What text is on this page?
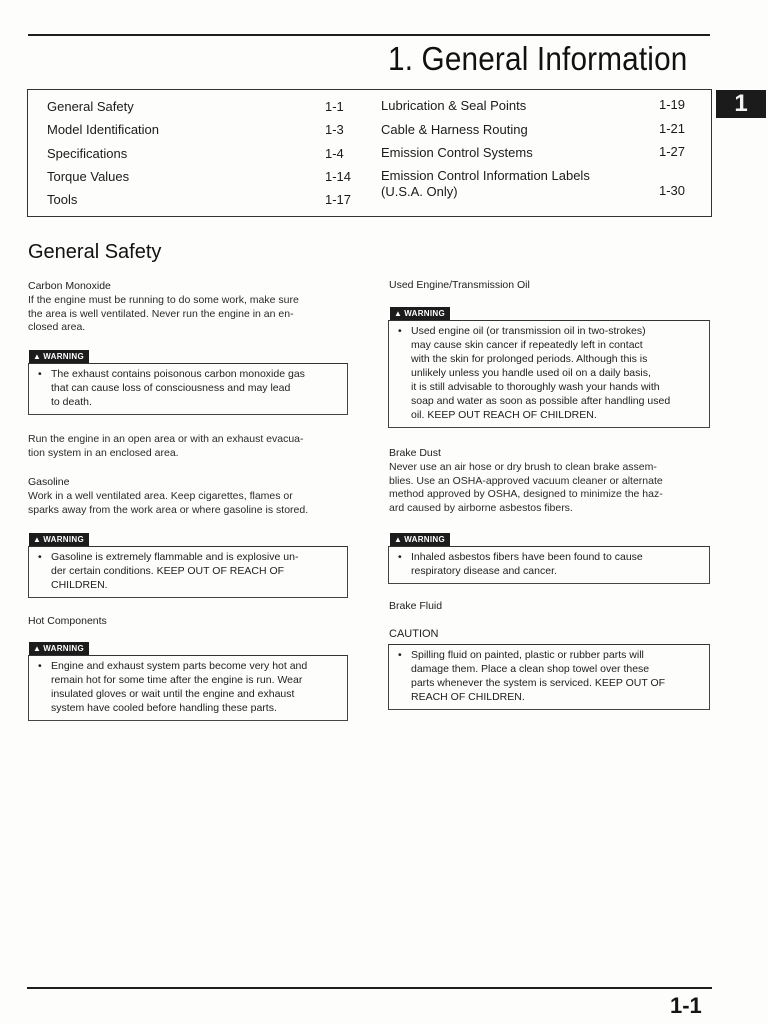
1. General Information
1
General Safety	1-1
Model Identification	1-3
Specifications	1-4
Torque Values	1-14
Tools	1-17
Lubrication & Seal Points	1-19
Cable & Harness Routing	1-21
Emission Control Systems	1-27
Emission Control Information Labels
(U.S.A. Only)	1-30
General Safety
Carbon Monoxide
If the engine must be running to do some work, make sure
the area is well ventilated. Never run the engine in an en-
closed area.
▲ WARNING
• The exhaust contains poisonous carbon monoxide gas
that can cause loss of consciousness and may lead
to death.
Run the engine in an open area or with an exhaust evacua-
tion system in an enclosed area.
Gasoline
Work in a well ventilated area. Keep cigarettes, flames or
sparks away from the work area or where gasoline is stored.
▲ WARNING
• Gasoline is extremely flammable and is explosive un-
der certain conditions. KEEP OUT OF REACH OF
CHILDREN.
Hot Components
▲ WARNING
• Engine and exhaust system parts become very hot and
remain hot for some time after the engine is run. Wear
insulated gloves or wait until the engine and exhaust
system have cooled before handling these parts.
Used Engine/Transmission Oil
▲ WARNING
• Used engine oil (or transmission oil in two-strokes)
may cause skin cancer if repeatedly left in contact
with the skin for prolonged periods. Although this is
unlikely unless you handle used oil on a daily basis,
it is still advisable to thoroughly wash your hands with
soap and water as soon as possible after handling used
oil. KEEP OUT REACH OF CHILDREN.
Brake Dust
Never use an air hose or dry brush to clean brake assem-
blies. Use an OSHA-approved vacuum cleaner or alternate
method approved by OSHA, designed to minimize the haz-
ard caused by airborne asbestos fibers.
▲ WARNING
• Inhaled asbestos fibers have been found to cause
respiratory disease and cancer.
Brake Fluid
CAUTION
• Spilling fluid on painted, plastic or rubber parts will
damage them. Place a clean shop towel over these
parts whenever the system is serviced. KEEP OUT OF
REACH OF CHILDREN.
1-1
